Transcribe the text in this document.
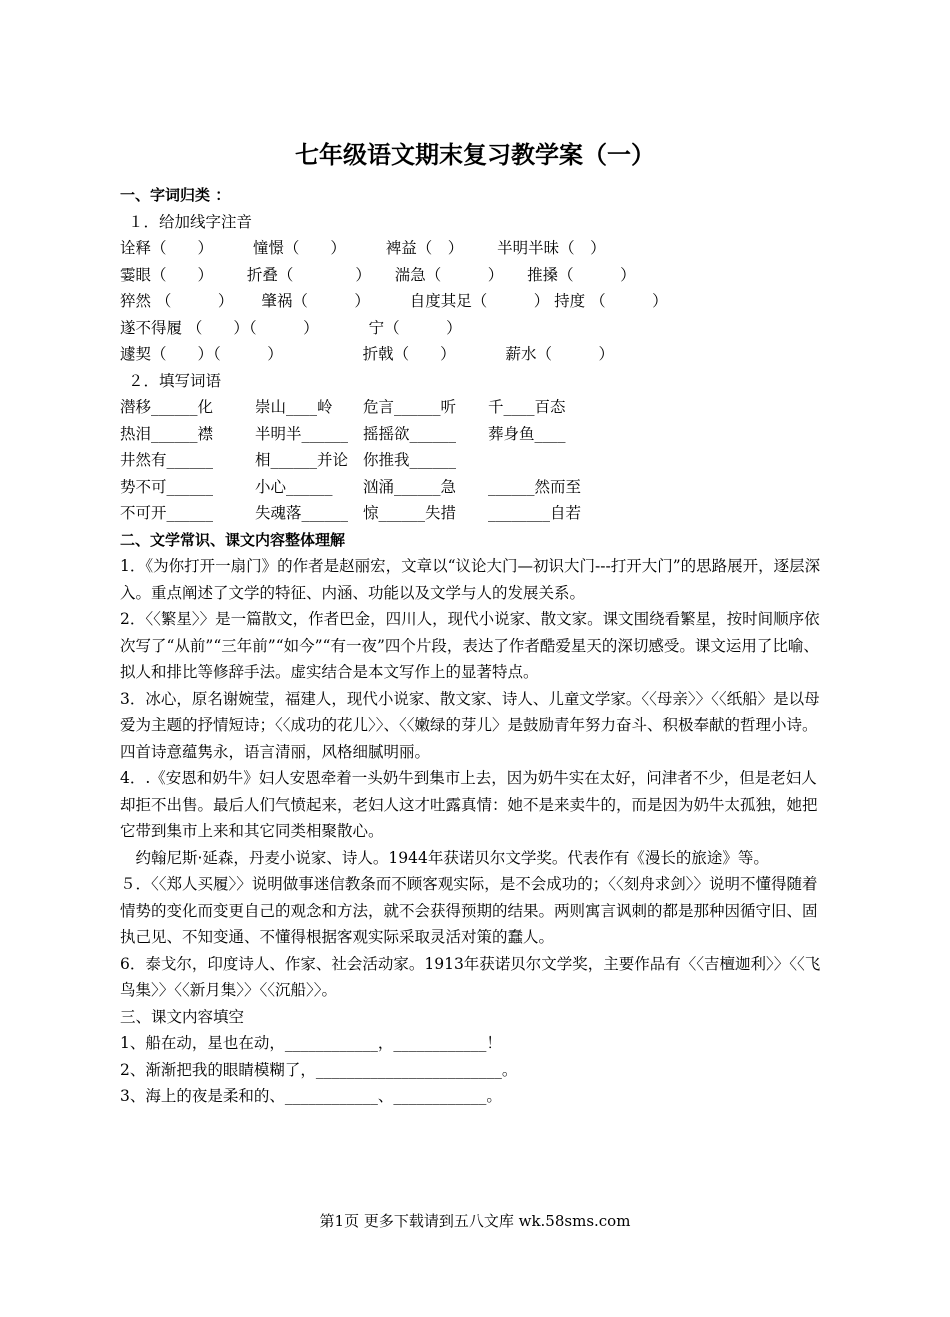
七年级语文期末复习教学案（一）
一、字词归类 ：
１．给加线字注音
诠释（　　）	憧憬（　　）	裨益（　） 半明半昧（　）
霎眼（　　） 折叠（　　　　） 湍急（　　　） 推搡（　　　）
猝然 （　　　） 肇祸（　　　）	自度其足（　　　） 持度 （　　　）
遂不得履 （　　）（　　　）	宁（　　　）
遽契（　　）（　　　）	折戟（　　）	薪水（　　　）
２．填写词语
潜移______化	崇山____岭	危言______听	千____百态
热泪______襟	半明半______ 摇摇欲______	葬身鱼____
井然有______	相______并论 你推我______
势不可______	小心______	汹涌______急	______然而至
不可开______	失魂落______ 惊______失措	________自若
二、文学常识、课文内容整体理解
1．《为你打开一扇门》的作者是赵丽宏，文章以“议论大门—初识大门---打开大门”的思路展开，逐层深入。重点阐述了文学的特征、内涵、功能以及文学与人的发展关系。
2．〈〈繁星〉〉是一篇散文，作者巴金，四川人，现代小说家、散文家。课文围绕看繁星，按时间顺序依次写了“从前”“三年前”“如今”“有一夜”四个片段，表达了作者酷爱星天的深切感受。课文运用了比喻、拟人和排比等修辞手法。虚实结合是本文写作上的显著特点。
3．冰心，原名谢婉莹，福建人，现代小说家、散文家、诗人、儿童文学家。〈〈母亲〉〉〈〈纸船〉是以母爱为主题的抒情短诗；〈〈成功的花儿〉〉、〈〈嫩绿的芽儿〉是鼓励青年努力奋斗、积极奉献的哲理小诗。四首诗意蕴隽永，语言清丽，风格细腻明丽。
4．.《安恩和奶牛》妇人安恩牵着一头奶牛到集市上去，因为奶牛实在太好，问津者不少，但是老妇人却拒不出售。最后人们气愤起来，老妇人这才吐露真情：她不是来卖牛的，而是因为奶牛太孤独，她把它带到集市上来和其它同类相聚散心。
　约翰尼斯·延森，丹麦小说家、诗人。1944年获诺贝尔文学奖。代表作有《漫长的旅途》等。
５．〈〈郑人买履〉〉说明做事迷信教条而不顾客观实际，是不会成功的；〈〈刻舟求剑〉〉说明不懂得随着情势的变化而变更自己的观念和方法，就不会获得预期的结果。两则寓言讽刺的都是那种因循守旧、固执己见、不知变通、不懂得根据客观实际采取灵活对策的蠢人。
6．泰戈尔，印度诗人、作家、社会活动家。1913年获诺贝尔文学奖，主要作品有〈〈吉檀迦利〉〉〈〈飞鸟集〉〉〈〈新月集〉〉〈〈沉船〉〉。
三、课文内容填空
1、船在动，星也在动，____________，____________！
2、渐渐把我的眼睛模糊了，________________________。
3、海上的夜是柔和的、____________、____________。
第1页 更多下载请到五八文库 wk.58sms.com
